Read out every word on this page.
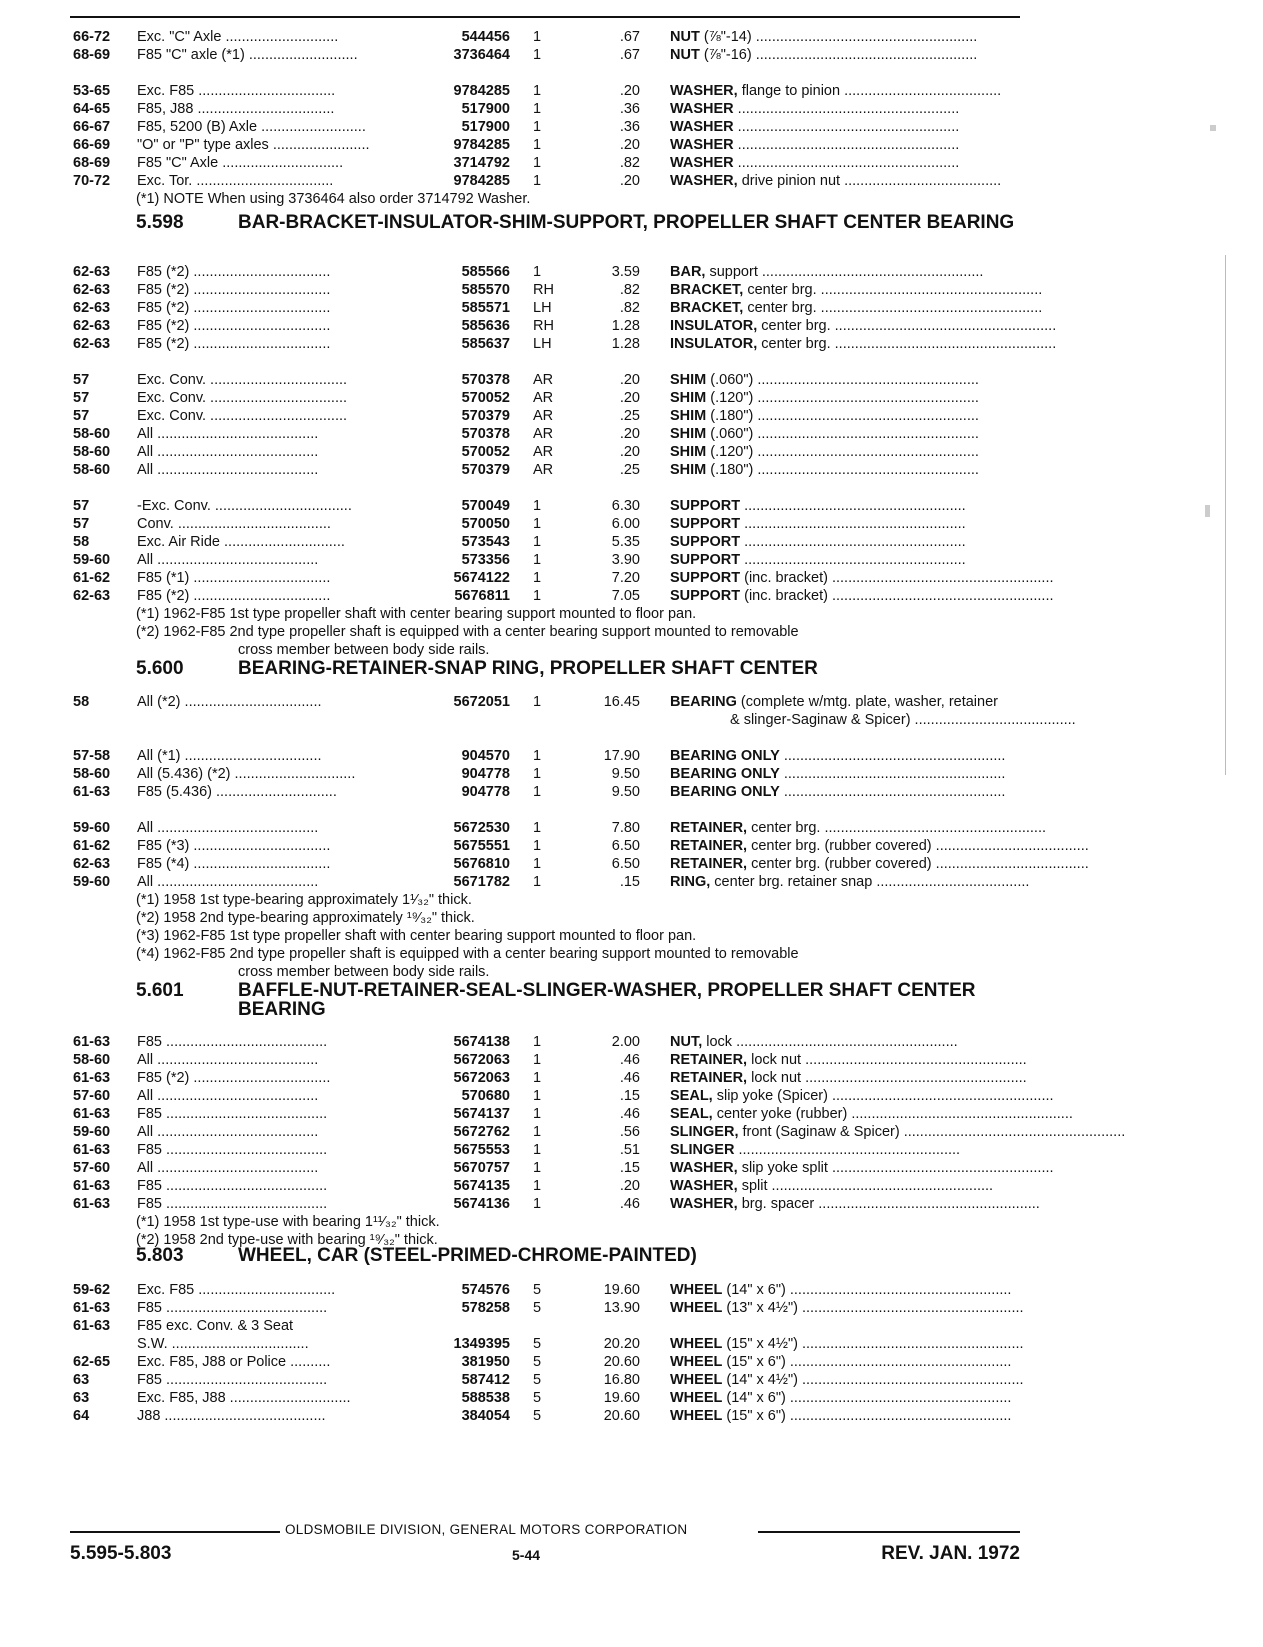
66-72 Exc. "C" Axle ............................	544456 1	.67 NUT (⅞"-14) .......................................................
68-69 F85 "C" axle (*1) ...........................	3736464 1	.67 NUT (⅞"-16) .......................................................
53-65 Exc. F85 ..................................	9784285 1	.20 WASHER, flange to pinion .......................................
64-65 F85, J88 ..................................	517900 1	.36 WASHER .......................................................
66-67 F85, 5200 (B) Axle ..........................	517900 1	.36 WASHER .......................................................
66-69 "O" or "P" type axles ........................	9784285 1	.20 WASHER .......................................................
68-69 F85 "C" Axle ..............................	3714792 1	.82 WASHER .......................................................
70-72 Exc. Tor. ..................................	9784285 1	.20 WASHER, drive pinion nut .......................................
62-63 F85 (*2) ..................................	585566 1	3.59 BAR, support .......................................................
62-63 F85 (*2) ..................................	585570 RH	.82 BRACKET, center brg. .......................................................
62-63 F85 (*2) ..................................	585571 LH	.82 BRACKET, center brg. .......................................................
62-63 F85 (*2) ..................................	585636 RH	1.28 INSULATOR, center brg. .......................................................
62-63 F85 (*2) ..................................	585637 LH	1.28 INSULATOR, center brg. .......................................................
57	Exc. Conv. ..................................	570378 AR	.20 SHIM (.060") .......................................................
57	Exc. Conv. ..................................	570052 AR	.20 SHIM (.120") .......................................................
57	Exc. Conv. ..................................	570379 AR	.25 SHIM (.180") .......................................................
58-60 All ........................................	570378 AR	.20 SHIM (.060") .......................................................
58-60 All ........................................	570052 AR	.20 SHIM (.120") .......................................................
58-60 All ........................................	570379 AR	.25 SHIM (.180") .......................................................
57	-Exc. Conv. ..................................	570049 1	6.30 SUPPORT .......................................................
57	Conv. ......................................	570050 1	6.00 SUPPORT .......................................................
58	Exc. Air Ride ..............................	573543 1	5.35 SUPPORT .......................................................
59-60 All ........................................	573356 1	3.90 SUPPORT .......................................................
61-62 F85 (*1) ..................................	5674122 1	7.20 SUPPORT (inc. bracket) .......................................................
62-63 F85 (*2) ..................................	5676811 1	7.05 SUPPORT (inc. bracket) .......................................................
58	All (*2) ..................................	5672051 1	16.45 BEARING (complete w/mtg. plate, washer, retainer
& slinger-Saginaw & Spicer) ........................................
57-58 All (*1) ..................................	904570 1	17.90 BEARING ONLY .......................................................
58-60 All (5.436) (*2) ..............................	904778 1	9.50 BEARING ONLY .......................................................
61-63 F85 (5.436) ..............................	904778 1	9.50 BEARING ONLY .......................................................
59-60 All ........................................	5672530 1	7.80 RETAINER, center brg. .......................................................
61-62 F85 (*3) ..................................	5675551 1	6.50 RETAINER, center brg. (rubber covered) ......................................
62-63 F85 (*4) ..................................	5676810 1	6.50 RETAINER, center brg. (rubber covered) ......................................
59-60 All ........................................	5671782 1	.15 RING, center brg. retainer snap ......................................
61-63 F85 ........................................	5674138 1	2.00 NUT, lock .......................................................
58-60 All ........................................	5672063 1	.46 RETAINER, lock nut .......................................................
61-63 F85 (*2) ..................................	5672063 1	.46 RETAINER, lock nut .......................................................
57-60 All ........................................	570680 1	.15 SEAL, slip yoke (Spicer) .......................................................
61-63 F85 ........................................	5674137 1	.46 SEAL, center yoke (rubber) .......................................................
59-60 All ........................................	5672762 1	.56 SLINGER, front (Saginaw & Spicer) .......................................................
61-63 F85 ........................................	5675553 1	.51 SLINGER .......................................................
57-60 All ........................................	5670757 1	.15 WASHER, slip yoke split .......................................................
61-63 F85 ........................................	5674135 1	.20 WASHER, split .......................................................
61-63 F85 ........................................	5674136 1	.46 WASHER, brg. spacer .......................................................
59-62 Exc. F85 ..................................	574576 5	19.60 WHEEL (14" x 6") .......................................................
61-63 F85 ........................................	578258 5	13.90 WHEEL (13" x 4½") .......................................................
61-63 F85 exc. Conv. & 3 Seat
S.W. ..................................	1349395 5	20.20 WHEEL (15" x 4½") .......................................................
62-65 Exc. F85, J88 or Police ..........	381950 5	20.60 WHEEL (15" x 6") .......................................................
63	F85 ........................................	587412 5	16.80 WHEEL (14" x 4½") .......................................................
63	Exc. F85, J88 ..............................	588538 5	19.60 WHEEL (14" x 6") .......................................................
64	J88 ........................................	384054 5	20.60 WHEEL (15" x 6") .......................................................
5.598	BAR-BRACKET-INSULATOR-SHIM-SUPPORT, PROPELLER SHAFT CENTER BEARING
5.600	BEARING-RETAINER-SNAP RING, PROPELLER SHAFT CENTER
5.601	BAFFLE-NUT-RETAINER-SEAL-SLINGER-WASHER, PROPELLER SHAFT CENTER BEARING
5.803	WHEEL, CAR (STEEL-PRIMED-CHROME-PAINTED)
(*1) NOTE When using 3736464 also order 3714792 Washer.
(*1) 1962-F85 1st type propeller shaft with center bearing support mounted to floor pan.
(*2) 1962-F85 2nd type propeller shaft is equipped with a center bearing support mounted to removable
cross member between body side rails.
(*1) 1958 1st type-bearing approximately 1¹⁄₃₂" thick.
(*2) 1958 2nd type-bearing approximately ¹⁹⁄₃₂" thick.
(*3) 1962-F85 1st type propeller shaft with center bearing support mounted to floor pan.
(*4) 1962-F85 2nd type propeller shaft is equipped with a center bearing support mounted to removable
cross member between body side rails.
(*1) 1958 1st type-use with bearing 1¹¹⁄₃₂" thick.
(*2) 1958 2nd type-use with bearing ¹⁹⁄₃₂" thick.
OLDSMOBILE DIVISION, GENERAL MOTORS CORPORATION
5.595-5.803	5-44	REV. JAN. 1972
